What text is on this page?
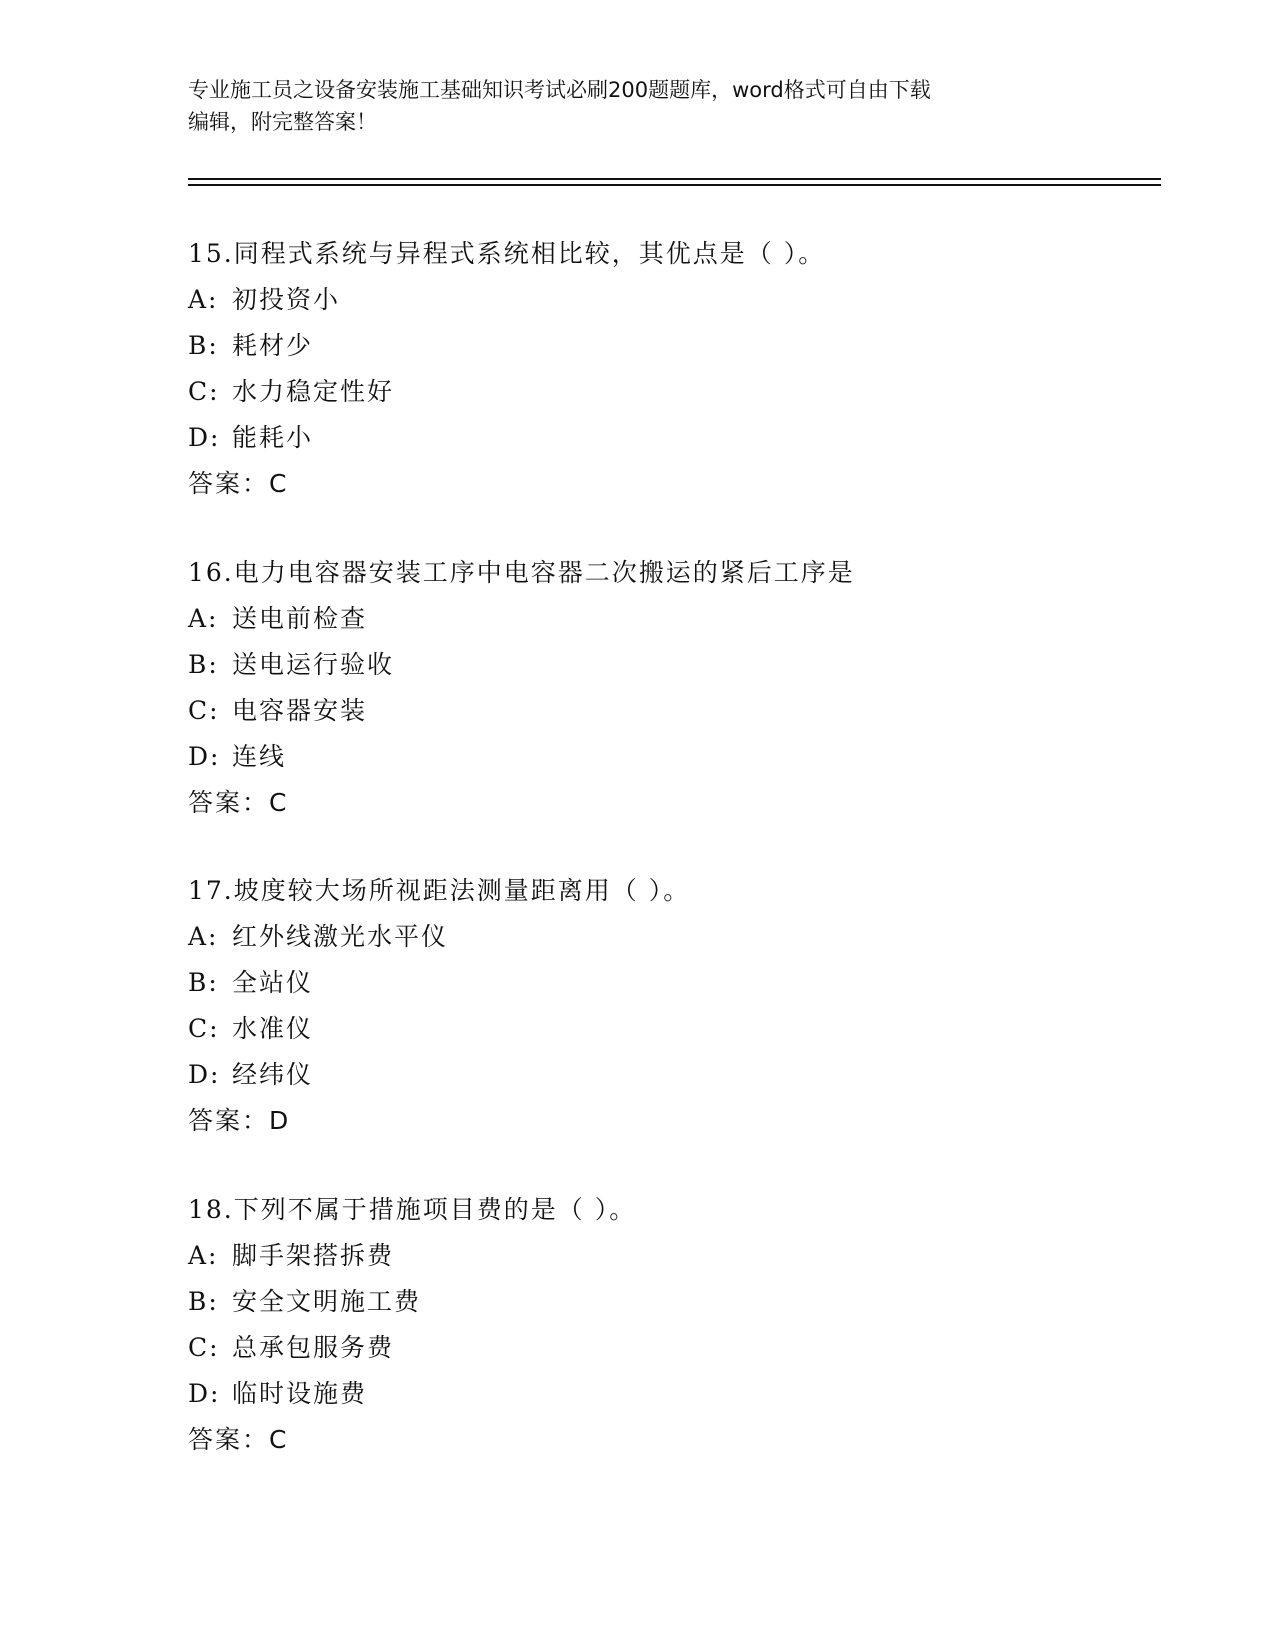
专业施工员之设备安装施工基础知识考试必刷200题题库，word格式可自由下载
编辑，附完整答案！
15.同程式系统与异程式系统相比较，其优点是（ ）。
A: 初投资小
B: 耗材少
C: 水力稳定性好
D: 能耗小
答案：C
16.电力电容器安装工序中电容器二次搬运的紧后工序是
A: 送电前检查
B: 送电运行验收
C: 电容器安装
D: 连线
答案：C
17.坡度较大场所视距法测量距离用（ ）。
A: 红外线激光水平仪
B: 全站仪
C: 水准仪
D: 经纬仪
答案：D
18.下列不属于措施项目费的是（ ）。
A: 脚手架搭拆费
B: 安全文明施工费
C: 总承包服务费
D: 临时设施费
答案：C
